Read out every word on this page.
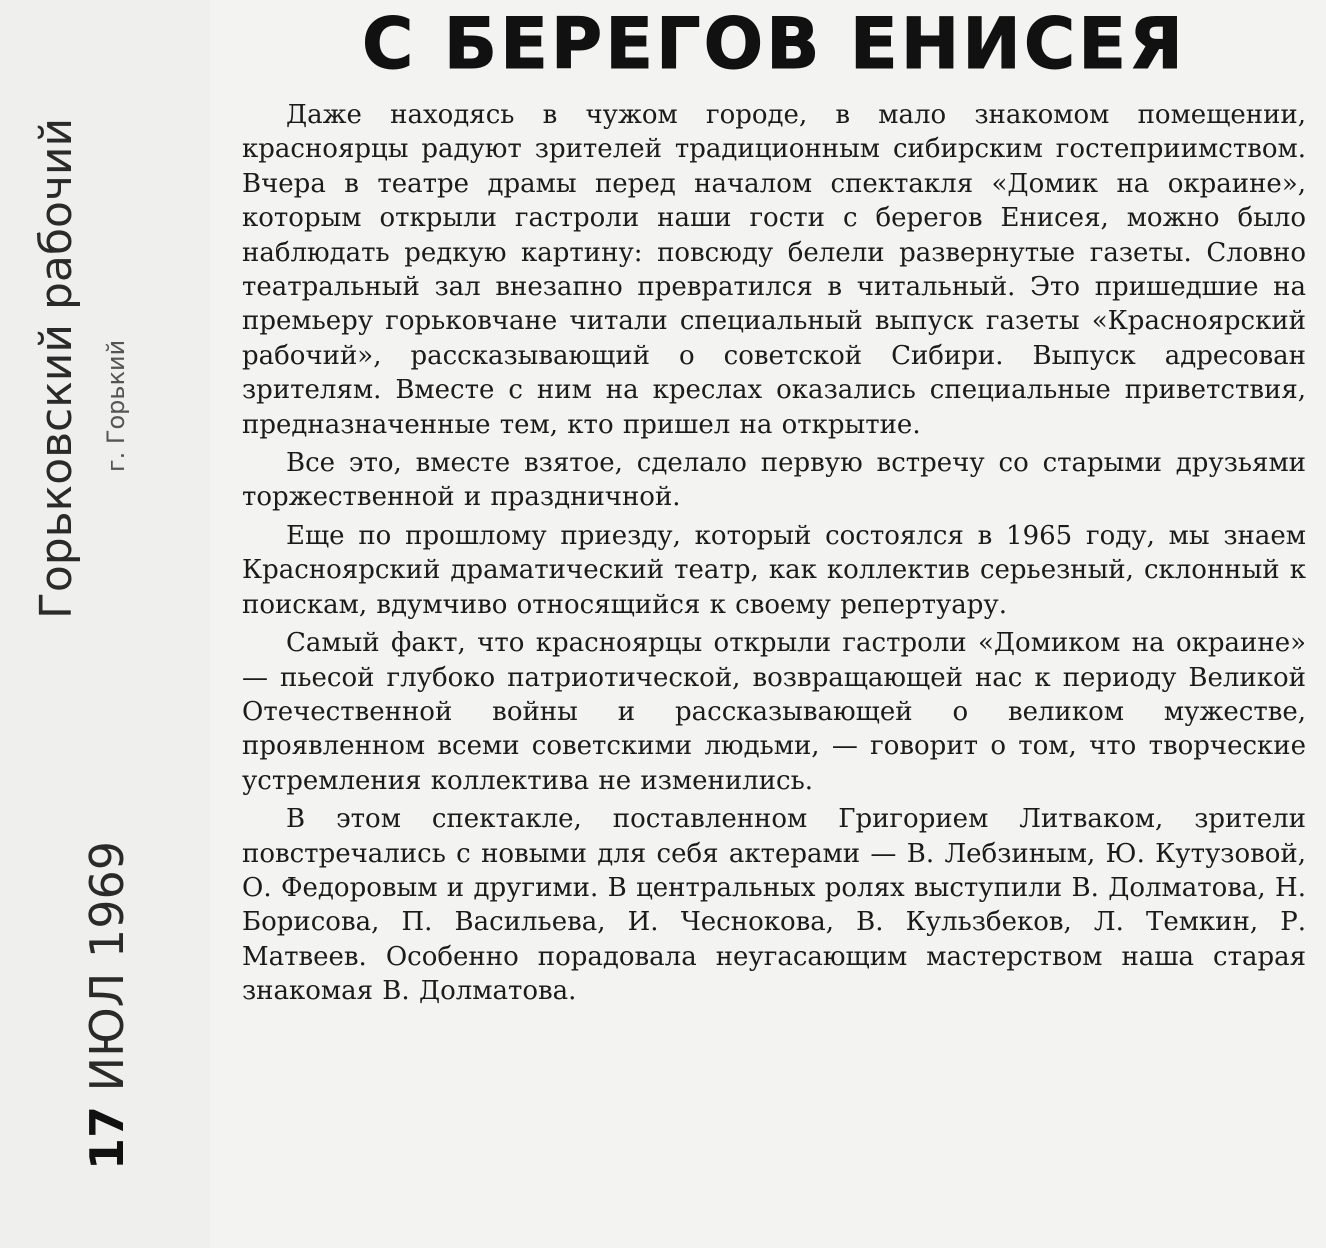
С БЕРЕГОВ ЕНИСЕЯ

Даже находясь в чужом городе, в мало знакомом помещении, красноярцы радуют зрителей традиционным сибирским гостеприимством. Вчера в театре драмы перед началом спектакля «Домик на окраине», которым открыли гастроли наши гости с берегов Енисея, можно было наблюдать редкую картину: повсюду белели развернутые газеты. Словно театральный зал внезапно превратился в читальный. Это пришедшие на премьеру горьковчане читали специальный выпуск газеты «Красноярский рабочий», рассказывающий о советской Сибири. Выпуск адресован зрителям. Вместе с ним на креслах оказались специальные приветствия, предназначенные тем, кто пришел на открытие.

Все это, вместе взятое, сделало первую встречу со старыми друзьями торжественной и праздничной.

Еще по прошлому приезду, который состоялся в 1965 году, мы знаем Красноярский драматический театр, как коллектив серьезный, склонный к поискам, вдумчиво относящийся к своему репертуару.

Самый факт, что красноярцы открыли гастроли «Домиком на окраине» — пьесой глубоко патриотической, возвращающей нас к периоду Великой Отечественной войны и рассказывающей о великом мужестве, проявленном всеми советскими людьми, — говорит о том, что творческие устремления коллектива не изменились.

В этом спектакле, поставленном Григорием Литваком, зрители повстречались с новыми для себя актерами — В. Лебзиным, Ю. Кутузовой, О. Федоровым и другими. В центральных ролях выступили В. Долматова, Н. Борисова, П. Васильева, И. Чеснокова, В. Кульзбеков, Л. Темкин, Р. Матвеев. Особенно порадовала неугасающим мастерством наша старая знакомая В. Долматова.

Горьковский рабочий г. Горький
17 ИЮЛ 1969
